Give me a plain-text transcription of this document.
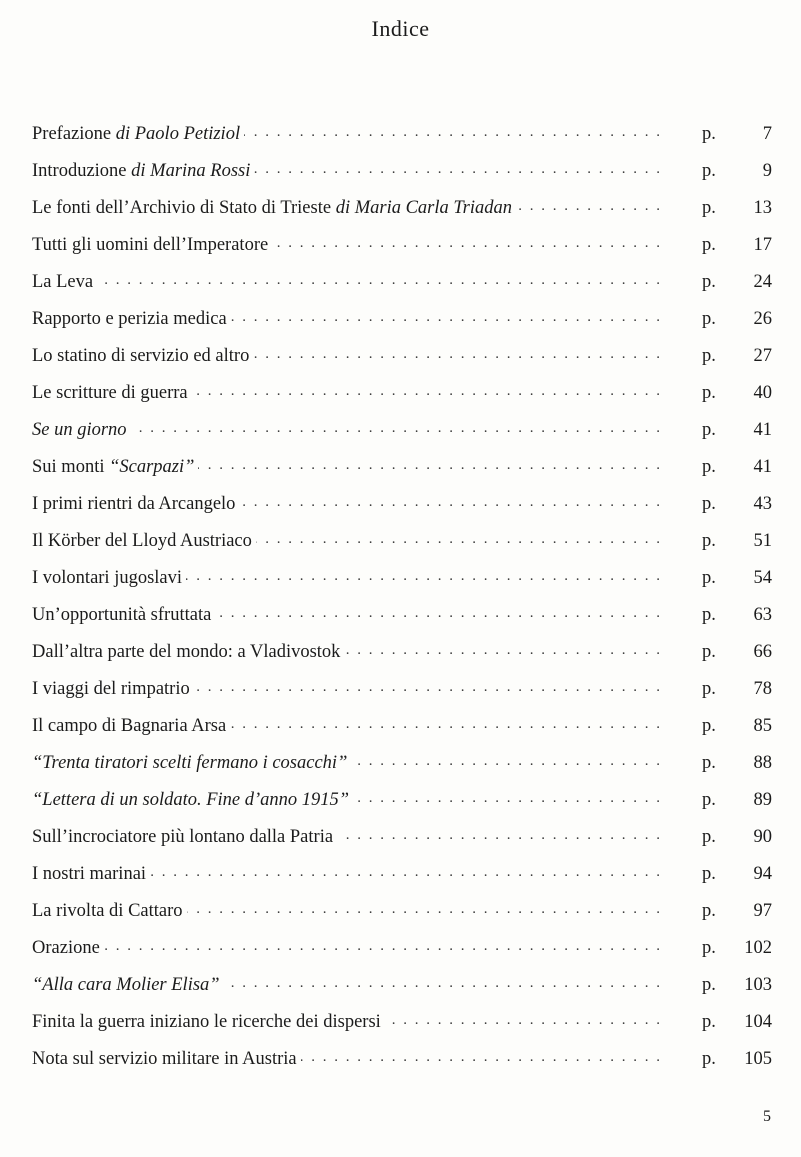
Indice
Prefazione di Paolo Petiziol . . .	p.	7
Introduzione di Marina Rossi . . .	p.	9
Le fonti dell’Archivio di Stato di Trieste di Maria Carla Triadan . . .	p.	13
Tutti gli uomini dell’Imperatore . . .	p.	17
La Leva . . .	p.	24
Rapporto e perizia medica . . .	p.	26
Lo statino di servizio ed altro . . .	p.	27
Le scritture di guerra . . .	p.	40
Se un giorno . . .	p.	41
Sui monti “Scarpazi” . . .	p.	41
I primi rientri da Arcangelo . . .	p.	43
Il Körber del Lloyd Austriaco . . .	p.	51
I volontari jugoslavi . . .	p.	54
Un’opportunità sfruttata . . .	p.	63
Dall’altra parte del mondo: a Vladivostok . . .	p.	66
I viaggi del rimpatrio . . .	p.	78
Il campo di Bagnaria Arsa . . .	p.	85
“Trenta tiratori scelti fermano i cosacchi” . . .	p.	88
“Lettera di un soldato. Fine d’anno 1915” . . .	p.	89
Sull’incrociatore più lontano dalla Patria . . .	p.	90
I nostri marinai . . .	p.	94
La rivolta di Cattaro . . .	p.	97
Orazione . . .	p.	102
“Alla cara Molier Elisa” . . .	p.	103
Finita la guerra iniziano le ricerche dei dispersi . . .	p.	104
Nota sul servizio militare in Austria . . .	p.	105
5
